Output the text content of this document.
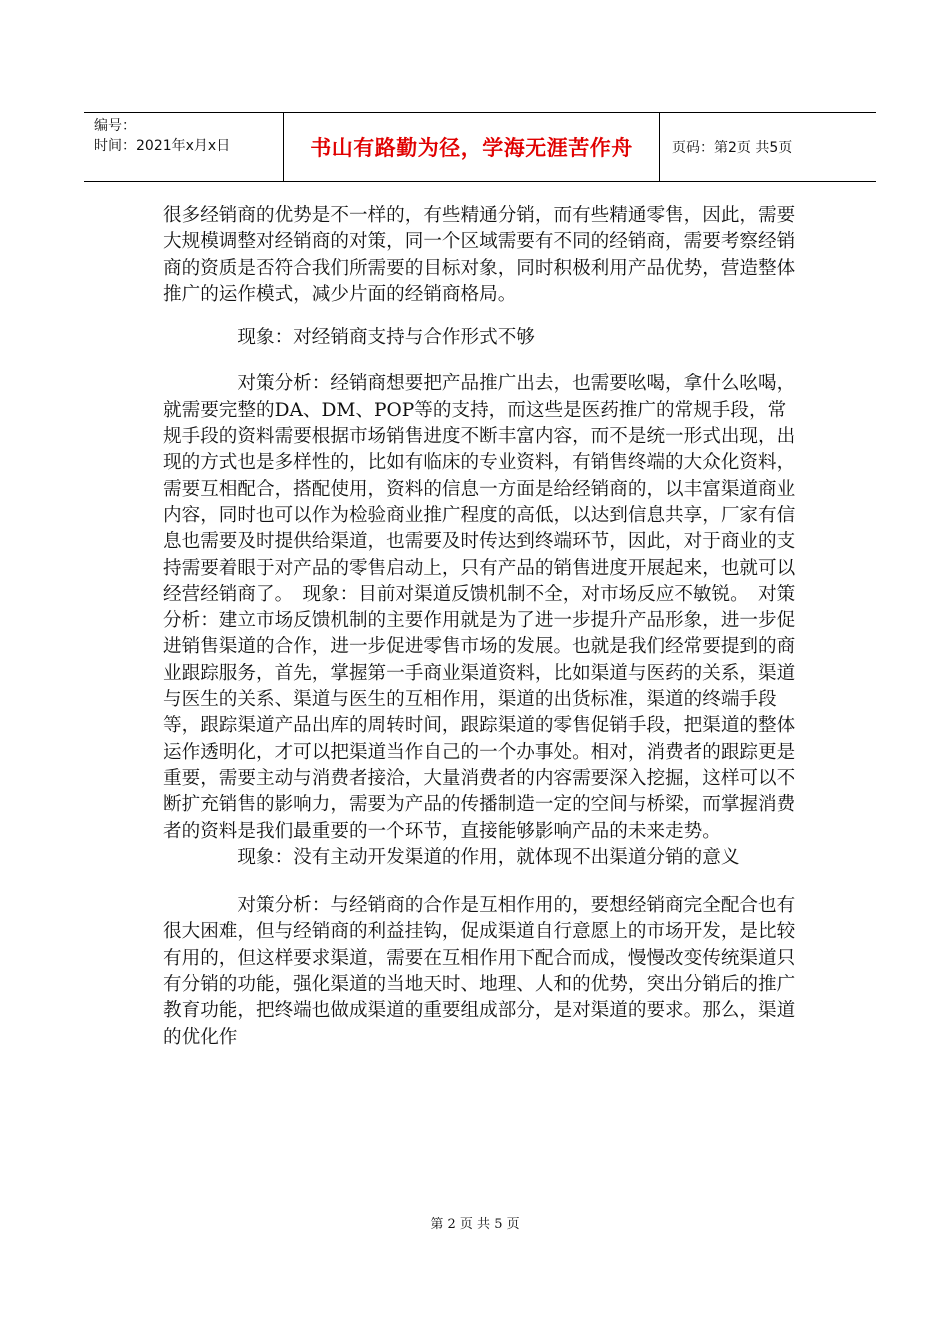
编号：
时间：2021年x月x日	书山有路勤为径，学海无涯苦作舟	页码：第2页 共5页

很多经销商的优势是不一样的，有些精通分销，而有些精通零售，因此，需要大规模调整对经销商的对策，同一个区域需要有不同的经销商，需要考察经销商的资质是否符合我们所需要的目标对象，同时积极利用产品优势，营造整体推广的运作模式，减少片面的经销商格局。

　　　　现象：对经销商支持与合作形式不够

　　　　对策分析：经销商想要把产品推广出去，也需要吆喝，拿什么吆喝，就需要完整的DA、DM、POP等的支持，而这些是医药推广的常规手段，常规手段的资料需要根据市场销售进度不断丰富内容，而不是统一形式出现，出现的方式也是多样性的，比如有临床的专业资料，有销售终端的大众化资料，需要互相配合，搭配使用，资料的信息一方面是给经销商的，以丰富渠道商业内容，同时也可以作为检验商业推广程度的高低，以达到信息共享，厂家有信息也需要及时提供给渠道，也需要及时传达到终端环节，因此，对于商业的支持需要着眼于对产品的零售启动上，只有产品的销售进度开展起来，也就可以经营经销商了。　现象：目前对渠道反馈机制不全，对市场反应不敏锐。　对策分析：建立市场反馈机制的主要作用就是为了进一步提升产品形象，进一步促进销售渠道的合作，进一步促进零售市场的发展。也就是我们经常要提到的商业跟踪服务，首先，掌握第一手商业渠道资料，比如渠道与医药的关系，渠道与医生的关系、渠道与医生的互相作用，渠道的出货标准，渠道的终端手段等，跟踪渠道产品出库的周转时间，跟踪渠道的零售促销手段，把渠道的整体运作透明化，才可以把渠道当作自己的一个办事处。相对，消费者的跟踪更是重要，需要主动与消费者接洽，大量消费者的内容需要深入挖掘，这样可以不断扩充销售的影响力，需要为产品的传播制造一定的空间与桥梁，而掌握消费者的资料是我们最重要的一个环节，直接能够影响产品的未来走势。

　　　　现象：没有主动开发渠道的作用，就体现不出渠道分销的意义

　　　　对策分析：与经销商的合作是互相作用的，要想经销商完全配合也有很大困难，但与经销商的利益挂钩，促成渠道自行意愿上的市场开发，是比较有用的，但这样要求渠道，需要在互相作用下配合而成，慢慢改变传统渠道只有分销的功能，强化渠道的当地天时、地理、人和的优势，突出分销后的推广教育功能，把终端也做成渠道的重要组成部分，是对渠道的要求。那么，渠道的优化作

第 2 页 共 5 页
